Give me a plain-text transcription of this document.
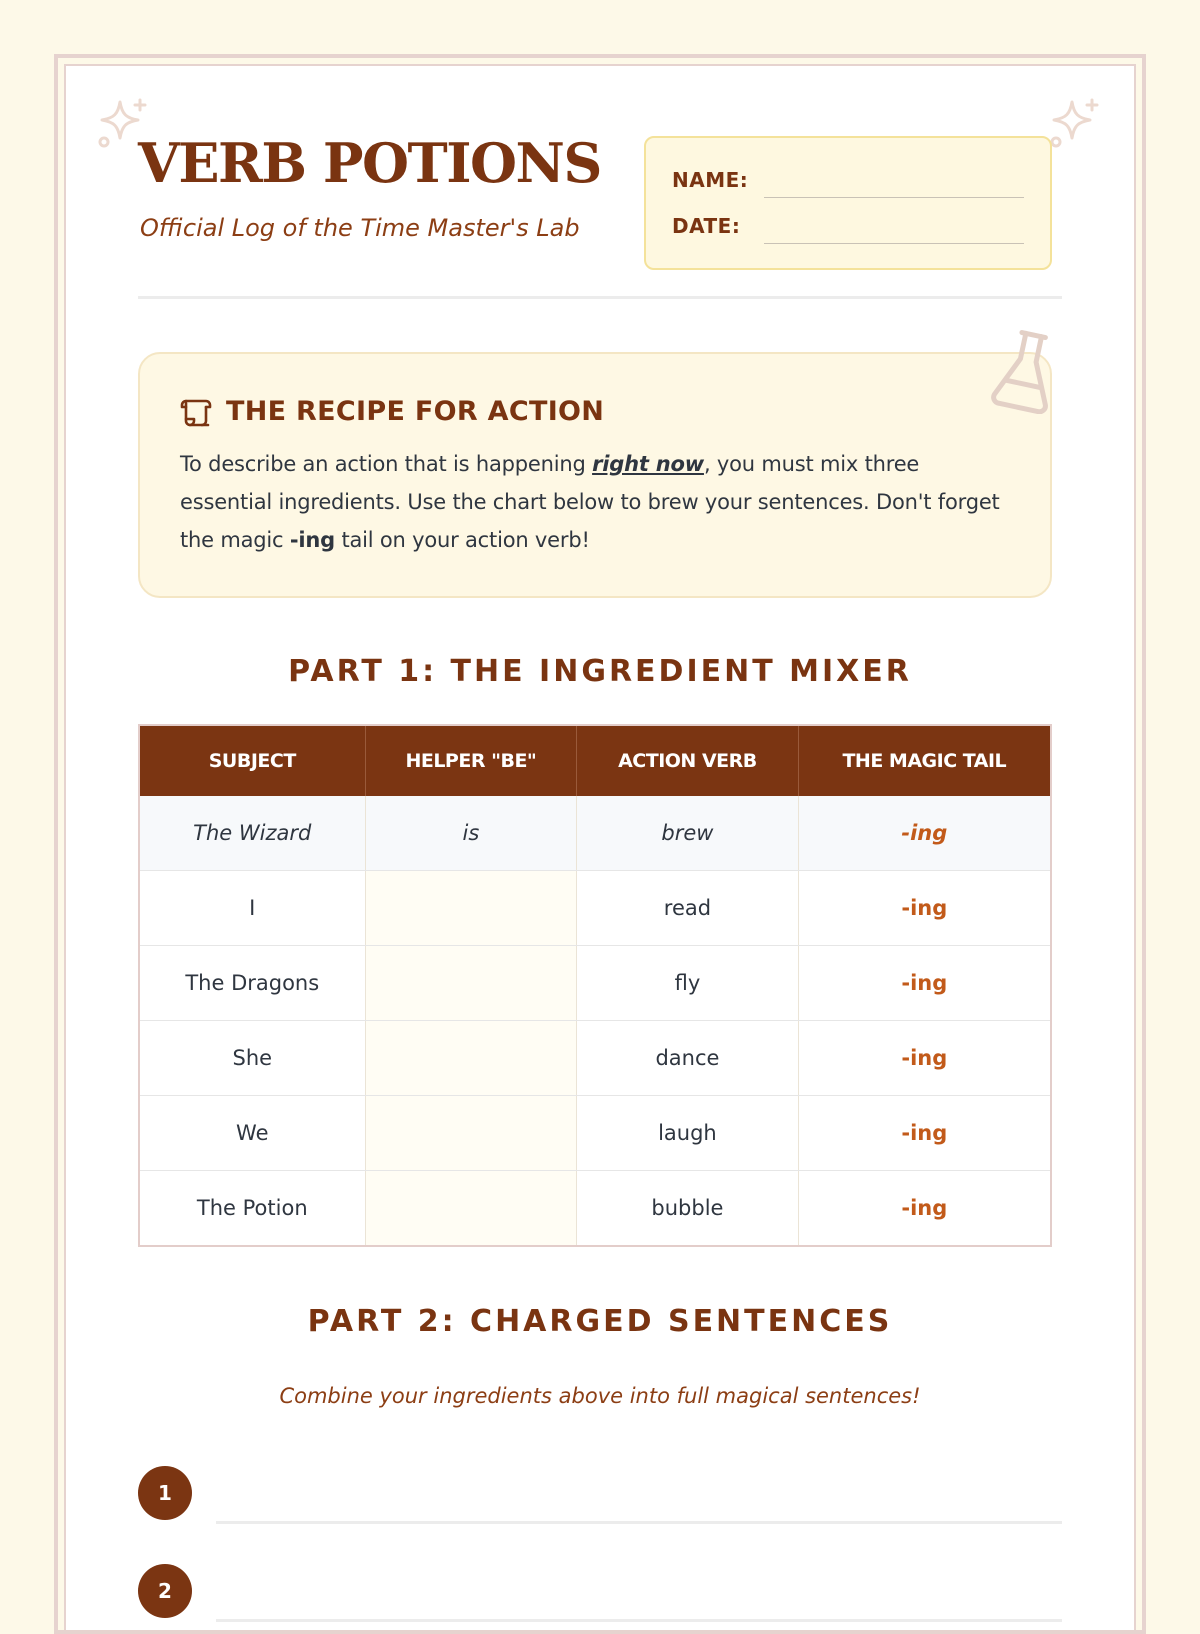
VERB POTIONS

Official Log of the Time Master's Lab

NAME:
DATE:
THE RECIPE FOR ACTION

To describe an action that is happening right now, you must mix three essential ingredients. Use the chart below to brew your sentences. Don't forget the magic -ing tail on your action verb!

PART 1: THE INGREDIENT MIXER
SUBJECT	HELPER "BE"	ACTION VERB	THE MAGIC TAIL
The Wizard	is	brew	-ing
I		read	-ing
The Dragons		fly	-ing
She		dance	-ing
We		laugh	-ing
The Potion		bubble	-ing
PART 2: CHARGED SENTENCES

Combine your ingredients above into full magical sentences!

1
2
